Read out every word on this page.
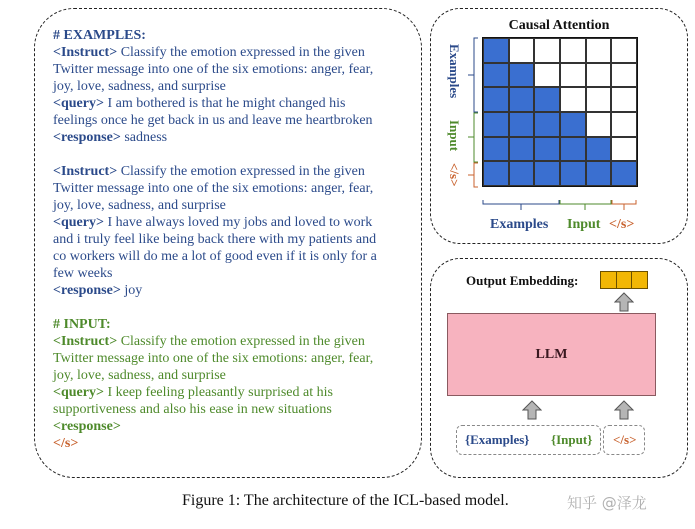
# EXAMPLES:
<Instruct> Classify the emotion expressed in the given
Twitter message into one of the six emotions: anger, fear,
joy, love, sadness, and surprise
<query> I am bothered is that he might changed his
feelings once he get back in us and leave me heartbroken
<response> sadness
<Instruct> Classify the emotion expressed in the given
Twitter message into one of the six emotions: anger, fear,
joy, love, sadness, and surprise
<query> I have always loved my jobs and loved to work
and i truly feel like being back there with my patients and
co workers will do me a lot of good even if it is only for a
few weeks
<response> joy
# INPUT:
<Instruct> Classify the emotion expressed in the given
Twitter message into one of the six emotions: anger, fear,
joy, love, sadness, and surprise
<query> I keep feeling pleasantly surprised at his
supportiveness and also his ease in new situations
<response>
</s>
Causal Attention
Examples
Input
</s>
Examples Input </s>
Output Embedding:
LLM
{Examples} {Input} </s>
Figure 1: The architecture of the ICL-based model.	知乎 @泽龙
